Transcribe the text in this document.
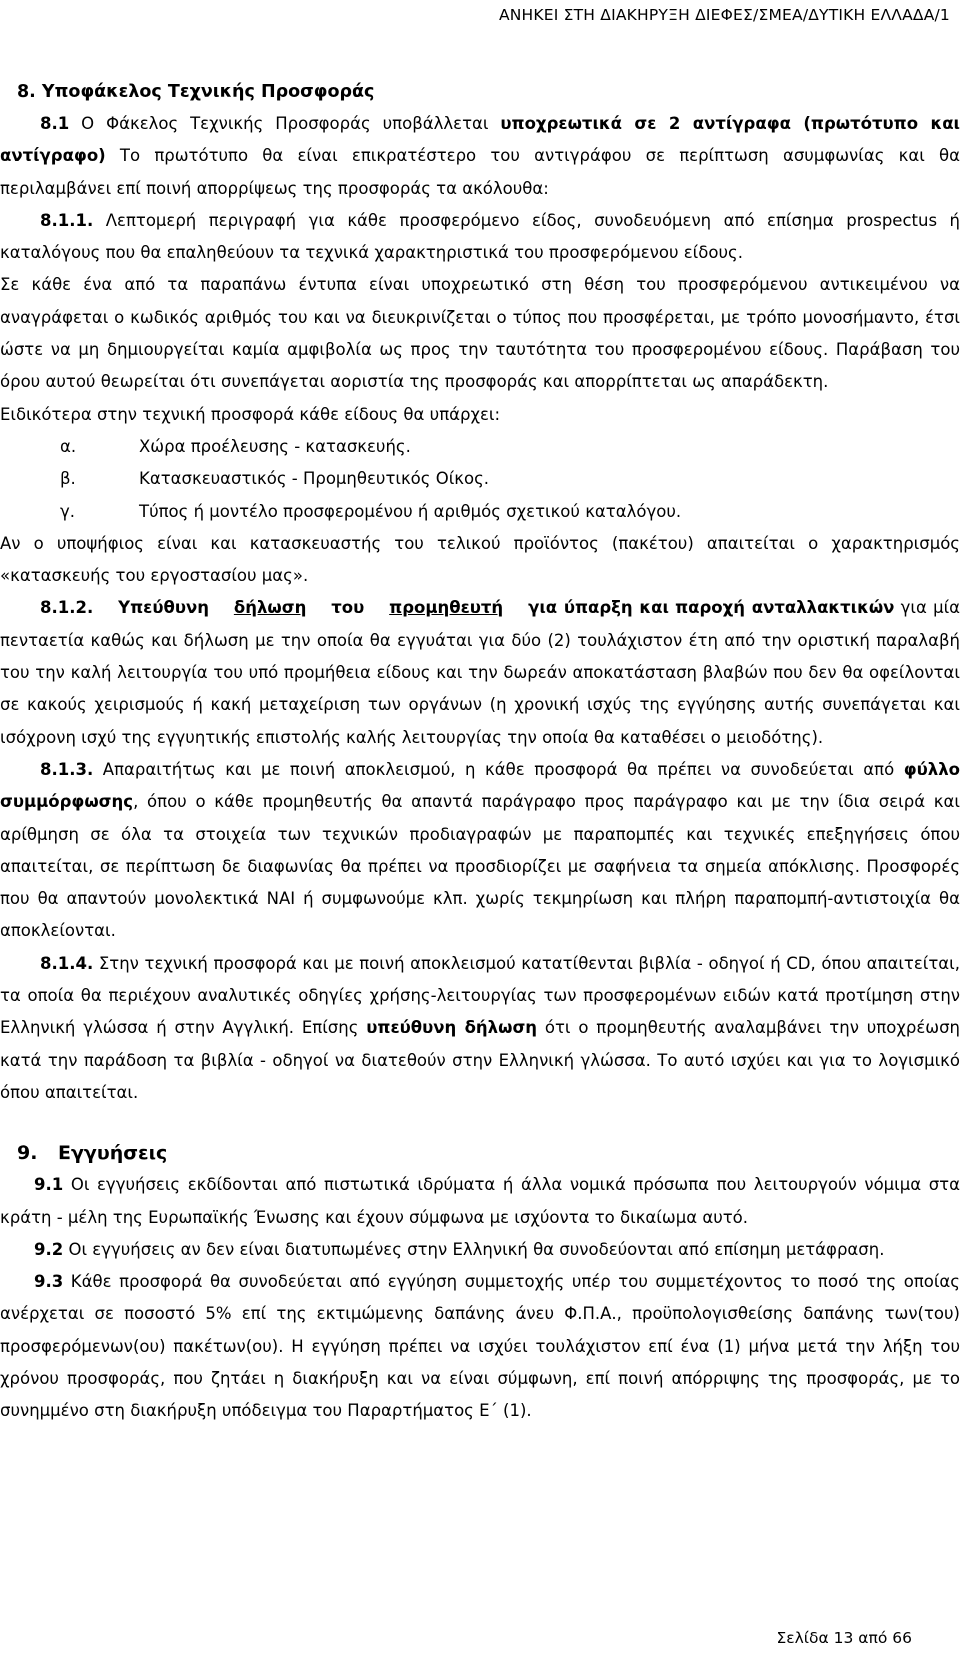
ΑΝΗΚΕΙ ΣΤΗ ΔΙΑΚΗΡΥΞΗ ΔΙΕΦΕΣ/ΣΜΕΑ/ΔΥΤΙΚΗ ΕΛΛΑΔΑ/1

8. Υποφάκελος Τεχνικής Προσφοράς

8.1 Ο Φάκελος Τεχνικής Προσφοράς υποβάλλεται υποχρεωτικά σε 2 αντίγραφα (πρωτότυπο και αντίγραφο) Το πρωτότυπο θα είναι επικρατέστερο του αντιγράφου σε περίπτωση ασυμφωνίας και θα περιλαμβάνει επί ποινή απορρίψεως της προσφοράς τα ακόλουθα:

8.1.1. Λεπτομερή περιγραφή για κάθε προσφερόμενο είδος, συνοδευόμενη από επίσημα prospectus ή καταλόγους που θα επαληθεύουν τα τεχνικά χαρακτηριστικά του προσφερόμενου είδους.

Σε κάθε ένα από τα παραπάνω έντυπα είναι υποχρεωτικό στη θέση του προσφερόμενου αντικειμένου να αναγράφεται ο κωδικός αριθμός του και να διευκρινίζεται ο τύπος που προσφέρεται, με τρόπο μονοσήμαντο, έτσι ώστε να μη δημιουργείται καμία αμφιβολία ως προς την ταυτότητα του προσφερομένου είδους. Παράβαση του όρου αυτού θεωρείται ότι συνεπάγεται αοριστία της προσφοράς και απορρίπτεται ως απαράδεκτη.

Ειδικότερα στην τεχνική προσφορά κάθε είδους θα υπάρχει:

α.	Χώρα προέλευσης - κατασκευής.

β.	Κατασκευαστικός - Προμηθευτικός Οίκος.

γ.	Τύπος ή μοντέλο προσφερομένου ή αριθμός σχετικού καταλόγου.

Αν ο υποψήφιος είναι και κατασκευαστής του τελικού προϊόντος (πακέτου) απαιτείται ο χαρακτηρισμός «κατασκευής του εργοστασίου μας».

8.1.2. Υπεύθυνη δήλωση του προμηθευτή για ύπαρξη και παροχή ανταλλακτικών για μία πενταετία καθώς και δήλωση με την οποία θα εγγυάται για δύο (2) τουλάχιστον έτη από την οριστική παραλαβή του την καλή λειτουργία του υπό προμήθεια είδους και την δωρεάν αποκατάσταση βλαβών που δεν θα οφείλονται σε κακούς χειρισμούς ή κακή μεταχείριση των οργάνων (η χρονική ισχύς της εγγύησης αυτής συνεπάγεται και ισόχρονη ισχύ της εγγυητικής επιστολής καλής λειτουργίας την οποία θα καταθέσει ο μειοδότης).

8.1.3. Απαραιτήτως και με ποινή αποκλεισμού, η κάθε προσφορά θα πρέπει να συνοδεύεται από φύλλο συμμόρφωσης, όπου ο κάθε προμηθευτής θα απαντά παράγραφο προς παράγραφο και με την ίδια σειρά και αρίθμηση σε όλα τα στοιχεία των τεχνικών προδιαγραφών με παραπομπές και τεχνικές επεξηγήσεις όπου απαιτείται, σε περίπτωση δε διαφωνίας θα πρέπει να προσδιορίζει με σαφήνεια τα σημεία απόκλισης. Προσφορές που θα απαντούν μονολεκτικά ΝΑΙ ή συμφωνούμε κλπ. χωρίς τεκμηρίωση και πλήρη παραπομπή-αντιστοιχία θα αποκλείονται.

8.1.4. Στην τεχνική προσφορά και με ποινή αποκλεισμού κατατίθενται βιβλία - οδηγοί ή CD, όπου απαιτείται, τα οποία θα περιέχουν αναλυτικές οδηγίες χρήσης-λειτουργίας των προσφερομένων ειδών κατά προτίμηση στην Ελληνική γλώσσα ή στην Αγγλική. Επίσης υπεύθυνη δήλωση ότι ο προμηθευτής αναλαμβάνει την υποχρέωση κατά την παράδοση τα βιβλία - οδηγοί να διατεθούν στην Ελληνική γλώσσα. Το αυτό ισχύει και για το λογισμικό όπου απαιτείται.

9. Εγγυήσεις

9.1 Οι εγγυήσεις εκδίδονται από πιστωτικά ιδρύματα ή άλλα νομικά πρόσωπα που λειτουργούν νόμιμα στα κράτη - μέλη της Ευρωπαϊκής Ένωσης και έχουν σύμφωνα με ισχύοντα το δικαίωμα αυτό.

9.2 Οι εγγυήσεις αν δεν είναι διατυπωμένες στην Ελληνική θα συνοδεύονται από επίσημη μετάφραση.

9.3 Κάθε προσφορά θα συνοδεύεται από εγγύηση συμμετοχής υπέρ του συμμετέχοντος το ποσό της οποίας ανέρχεται σε ποσοστό 5% επί της εκτιμώμενης δαπάνης άνευ Φ.Π.Α., προϋπολογισθείσης δαπάνης των(του) προσφερόμενων(ου) πακέτων(ου). Η εγγύηση πρέπει να ισχύει τουλάχιστον επί ένα (1) μήνα μετά την λήξη του χρόνου προσφοράς, που ζητάει η διακήρυξη και να είναι σύμφωνη, επί ποινή απόρριψης της προσφοράς, με το συνημμένο στη διακήρυξη υπόδειγμα του Παραρτήματος Ε΄ (1).

Σελίδα 13 από 66
